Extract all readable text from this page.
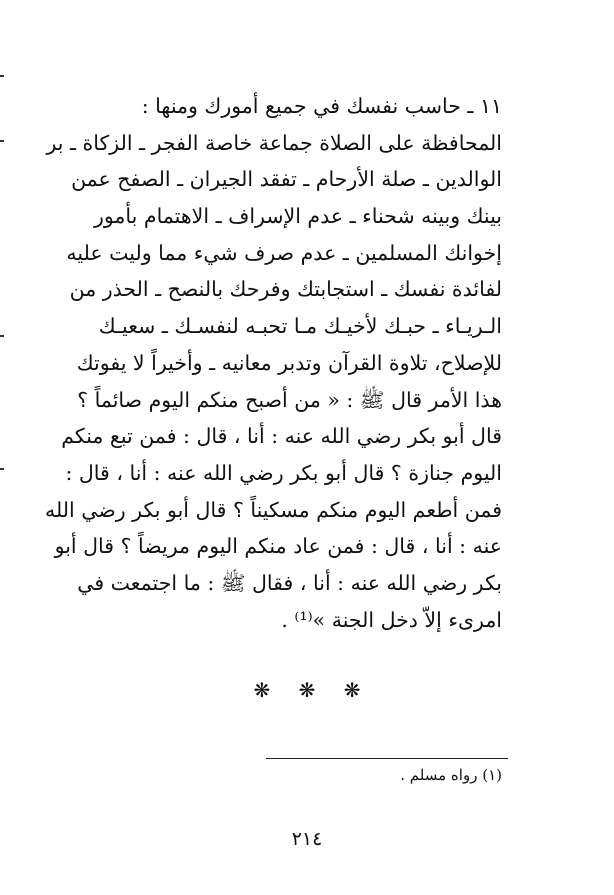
١١ ـ حاسب نفسك في جميع أمورك ومنها :
المحافظة على الصلاة جماعة خاصة الفجر ـ الزكاة ـ بر
الوالدين ـ صلة الأرحام ـ تفقد الجيران ـ الصفح عمن
بينك وبينه شحناء ـ عدم الإسراف ـ الاهتمام بأمور
إخوانك المسلمين ـ عدم صرف شيء مما وليت عليه
لفائدة نفسك ـ استجابتك وفرحك بالنصح ـ الحذر من
الـريـاء ـ حبـك لأخيـك مـا تحبـه لنفسـك ـ سعيـك
للإصلاح، تلاوة القرآن وتدبر معانيه ـ وأخيراً لا يفوتك
هذا الأمر قال ﷺ : « من أصبح منكم اليوم صائماً ؟
قال أبو بكر رضي الله عنه : أنا ، قال : فمن تبع منكم
اليوم جنازة ؟ قال أبو بكر رضي الله عنه : أنا ، قال :
فمن أطعم اليوم منكم مسكيناً ؟ قال أبو بكر رضي الله
عنه : أنا ، قال : فمن عاد منكم اليوم مريضاً ؟ قال أبو
بكر رضي الله عنه : أنا ، فقال ﷺ : ما اجتمعت في
امرىء إلاّ دخل الجنة »⁽¹⁾ .
❋ ❋ ❋
(١) رواه مسلم .
٢١٤
